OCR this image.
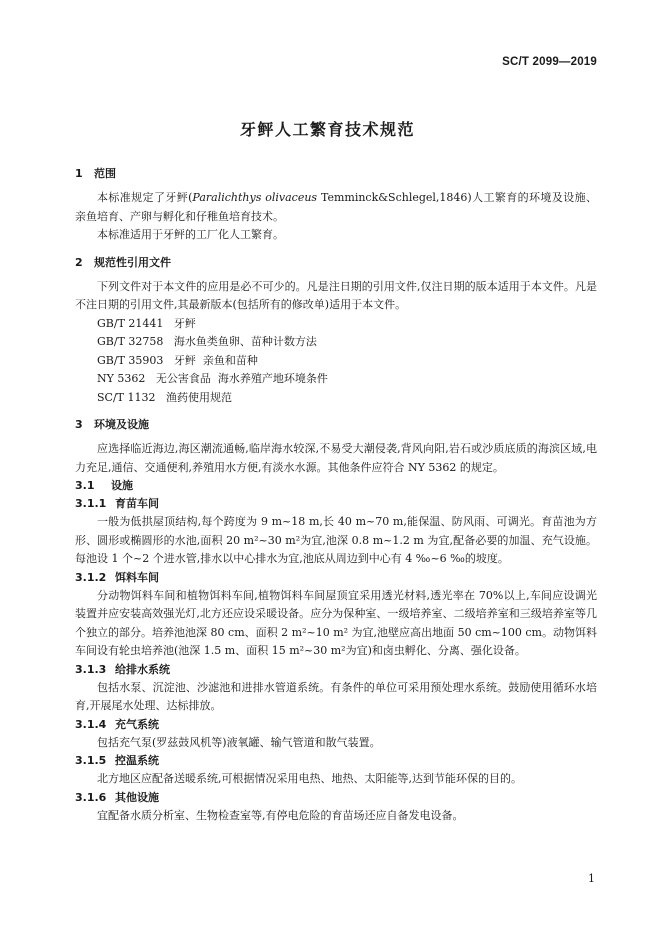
SC/T 2099—2019
牙鲆人工繁育技术规范
1 范围

本标准规定了牙鲆(Paralichthys olivaceus Temminck&Schlegel,1846)人工繁育的环境及设施、亲鱼培育、产卵与孵化和仔稚鱼培育技术。

本标准适用于牙鲆的工厂化人工繁育。

2 规范性引用文件

下列文件对于本文件的应用是必不可少的。凡是注日期的引用文件,仅注日期的版本适用于本文件。凡是不注日期的引用文件,其最新版本(包括所有的修改单)适用于本文件。

GB/T 21441   牙鲆

GB/T 32758   海水鱼类鱼卵、苗种计数方法

GB/T 35903   牙鲆  亲鱼和苗种

NY 5362   无公害食品  海水养殖产地环境条件

SC/T 1132   渔药使用规范

3 环境及设施

应选择临近海边,海区潮流通畅,临岸海水较深,不易受大潮侵袭,背风向阳,岩石或沙质底质的海滨区域,电力充足,通信、交通便利,养殖用水方便,有淡水水源。其他条件应符合 NY 5362 的规定。

3.1 设施
3.1.1 育苗车间

一般为低拱屋顶结构,每个跨度为 9 m~18 m,长 40 m~70 m,能保温、防风雨、可调光。育苗池为方形、圆形或椭圆形的水池,面积 20 m²~30 m²为宜,池深 0.8 m~1.2 m 为宜,配备必要的加温、充气设施。每池设 1 个~2 个进水管,排水以中心排水为宜,池底从周边到中心有 4 ‰~6 ‰的坡度。

3.1.2 饵料车间

分动物饵料车间和植物饵料车间,植物饵料车间屋顶宜采用透光材料,透光率在 70%以上,车间应设调光装置并应安装高效强光灯,北方还应设采暖设备。应分为保种室、一级培养室、二级培养室和三级培养室等几个独立的部分。培养池池深 80 cm、面积 2 m²~10 m² 为宜,池壁应高出地面 50 cm~100 cm。动物饵料车间设有轮虫培养池(池深 1.5 m、面积 15 m²~30 m²为宜)和卤虫孵化、分离、强化设备。

3.1.3 给排水系统

包括水泵、沉淀池、沙滤池和进排水管道系统。有条件的单位可采用预处理水系统。鼓励使用循环水培育,开展尾水处理、达标排放。

3.1.4 充气系统

包括充气泵(罗兹鼓风机等)液氧罐、输气管道和散气装置。

3.1.5 控温系统

北方地区应配备送暖系统,可根据情况采用电热、地热、太阳能等,达到节能环保的目的。

3.1.6 其他设施

宜配备水质分析室、生物检查室等,有停电危险的育苗场还应自备发电设备。

1
